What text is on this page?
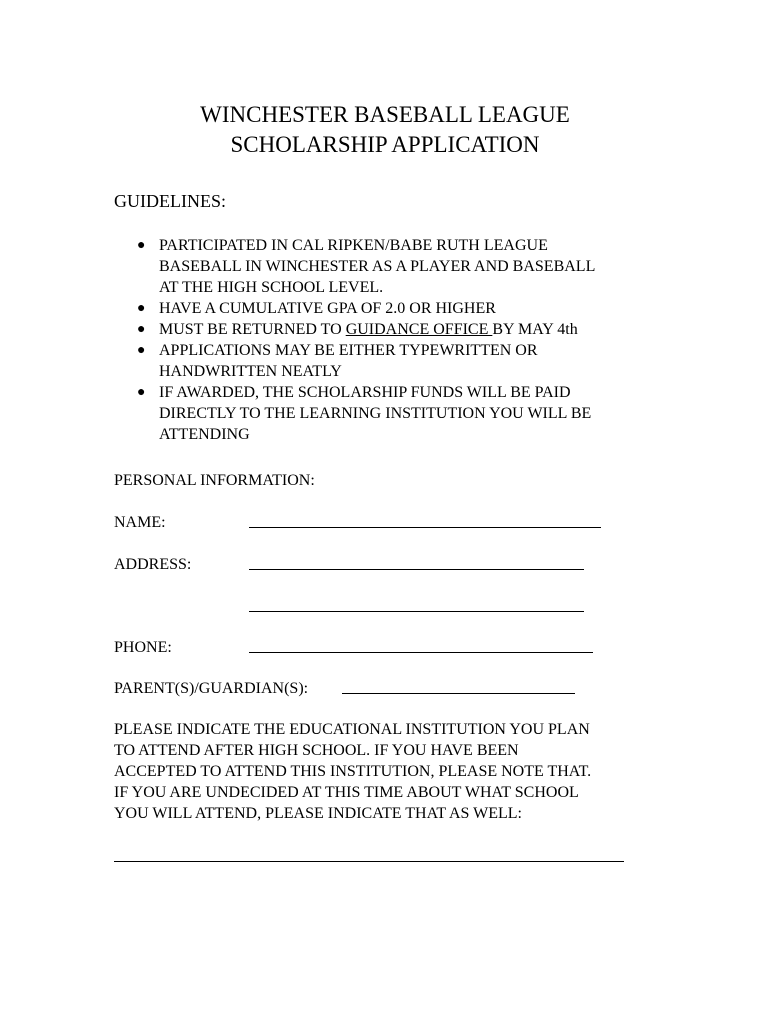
WINCHESTER BASEBALL LEAGUE
SCHOLARSHIP APPLICATION
GUIDELINES:
● PARTICIPATED IN CAL RIPKEN/BABE RUTH LEAGUE
BASEBALL IN WINCHESTER AS A PLAYER AND BASEBALL
AT THE HIGH SCHOOL LEVEL.
● HAVE A CUMULATIVE GPA OF 2.0 OR HIGHER
● MUST BE RETURNED TO GUIDANCE OFFICE BY MAY 4th
● APPLICATIONS MAY BE EITHER TYPEWRITTEN OR
HANDWRITTEN NEATLY
● IF AWARDED, THE SCHOLARSHIP FUNDS WILL BE PAID
DIRECTLY TO THE LEARNING INSTITUTION YOU WILL BE
ATTENDING
PERSONAL INFORMATION:
NAME:
ADDRESS:
PHONE:
PARENT(S)/GUARDIAN(S):
PLEASE INDICATE THE EDUCATIONAL INSTITUTION YOU PLAN
TO ATTEND AFTER HIGH SCHOOL. IF YOU HAVE BEEN
ACCEPTED TO ATTEND THIS INSTITUTION, PLEASE NOTE THAT.
IF YOU ARE UNDECIDED AT THIS TIME ABOUT WHAT SCHOOL
YOU WILL ATTEND, PLEASE INDICATE THAT AS WELL:
